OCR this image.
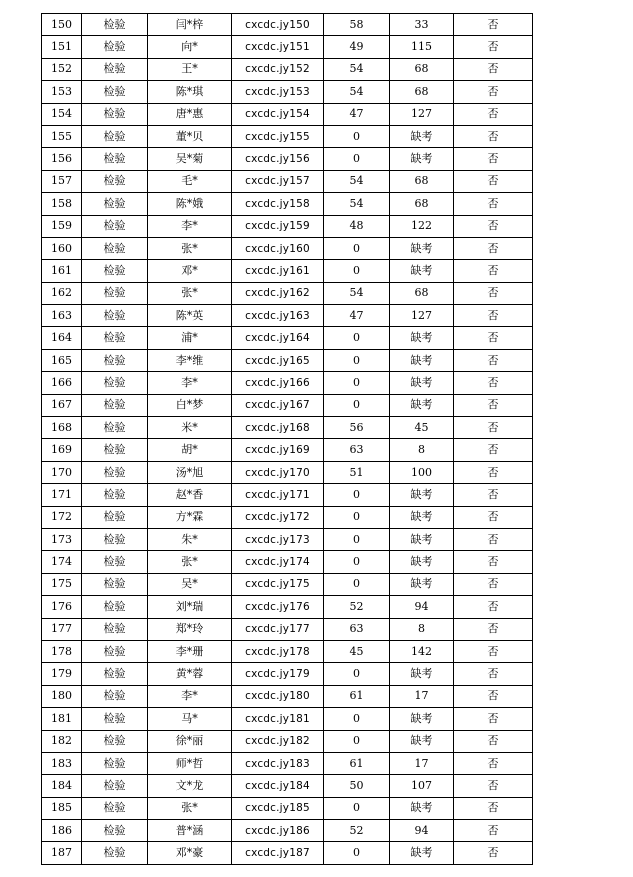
150	检验	闫*梓	cxcdc.jy150	58	33	否
151	检验	向*	cxcdc.jy151	49	115	否
152	检验	王*	cxcdc.jy152	54	68	否
153	检验	陈*琪	cxcdc.jy153	54	68	否
154	检验	唐*惠	cxcdc.jy154	47	127	否
155	检验	董*贝	cxcdc.jy155	0	缺考	否
156	检验	吴*菊	cxcdc.jy156	0	缺考	否
157	检验	毛*	cxcdc.jy157	54	68	否
158	检验	陈*娥	cxcdc.jy158	54	68	否
159	检验	李*	cxcdc.jy159	48	122	否
160	检验	张*	cxcdc.jy160	0	缺考	否
161	检验	邓*	cxcdc.jy161	0	缺考	否
162	检验	张*	cxcdc.jy162	54	68	否
163	检验	陈*英	cxcdc.jy163	47	127	否
164	检验	浦*	cxcdc.jy164	0	缺考	否
165	检验	李*维	cxcdc.jy165	0	缺考	否
166	检验	李*	cxcdc.jy166	0	缺考	否
167	检验	白*梦	cxcdc.jy167	0	缺考	否
168	检验	米*	cxcdc.jy168	56	45	否
169	检验	胡*	cxcdc.jy169	63	8	否
170	检验	汤*旭	cxcdc.jy170	51	100	否
171	检验	赵*香	cxcdc.jy171	0	缺考	否
172	检验	方*霖	cxcdc.jy172	0	缺考	否
173	检验	朱*	cxcdc.jy173	0	缺考	否
174	检验	张*	cxcdc.jy174	0	缺考	否
175	检验	吴*	cxcdc.jy175	0	缺考	否
176	检验	刘*瑞	cxcdc.jy176	52	94	否
177	检验	郑*玲	cxcdc.jy177	63	8	否
178	检验	李*珊	cxcdc.jy178	45	142	否
179	检验	黄*蓉	cxcdc.jy179	0	缺考	否
180	检验	李*	cxcdc.jy180	61	17	否
181	检验	马*	cxcdc.jy181	0	缺考	否
182	检验	徐*丽	cxcdc.jy182	0	缺考	否
183	检验	师*哲	cxcdc.jy183	61	17	否
184	检验	文*龙	cxcdc.jy184	50	107	否
185	检验	张*	cxcdc.jy185	0	缺考	否
186	检验	普*涵	cxcdc.jy186	52	94	否
187	检验	邓*豪	cxcdc.jy187	0	缺考	否
